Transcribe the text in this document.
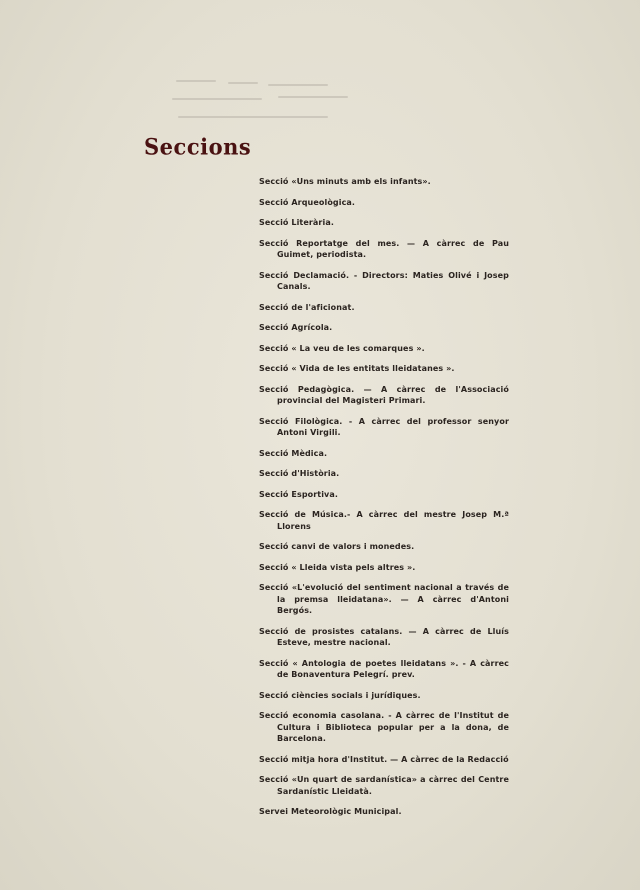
Seccions
Secció «Uns minuts amb els infants».
Secció Arqueològica.
Secció Literària.
Secció Reportatge del mes. — A càrrec de Pau Guimet, periodista.
Secció Declamació. - Directors: Maties Olivé i Josep Canals.
Secció de l'aficionat.
Secció Agrícola.
Secció « La veu de les comarques ».
Secció « Vida de les entitats lleidatanes ».
Secció Pedagògica. — A càrrec de l'Associació provincial del Magisteri Primari.
Secció Filològica. - A càrrec del professor senyor Antoni Virgili.
Secció Mèdica.
Secció d'Història.
Secció Esportiva.
Secció de Música.- A càrrec del mestre Josep M.ª Llorens
Secció canvi de valors i monedes.
Secció « Lleida vista pels altres ».
Secció «L'evolució del sentiment nacional a través de la premsa lleidatana». — A càrrec d'Antoni Bergós.
Secció de prosistes catalans. — A càrrec de Lluís Esteve, mestre nacional.
Secció « Antologia de poetes lleidatans ». - A càrrec de Bonaventura Pelegrí. prev.
Secció ciències socials i jurídiques.
Secció economia casolana. - A càrrec de l'Institut de Cultura i Biblioteca popular per a la dona, de Barcelona.
Secció mitja hora d'Institut. — A càrrec de la Redacció
Secció «Un quart de sardanística» a càrrec del Centre Sardanístic Lleidatà.
Servei Meteorològic Municipal.
